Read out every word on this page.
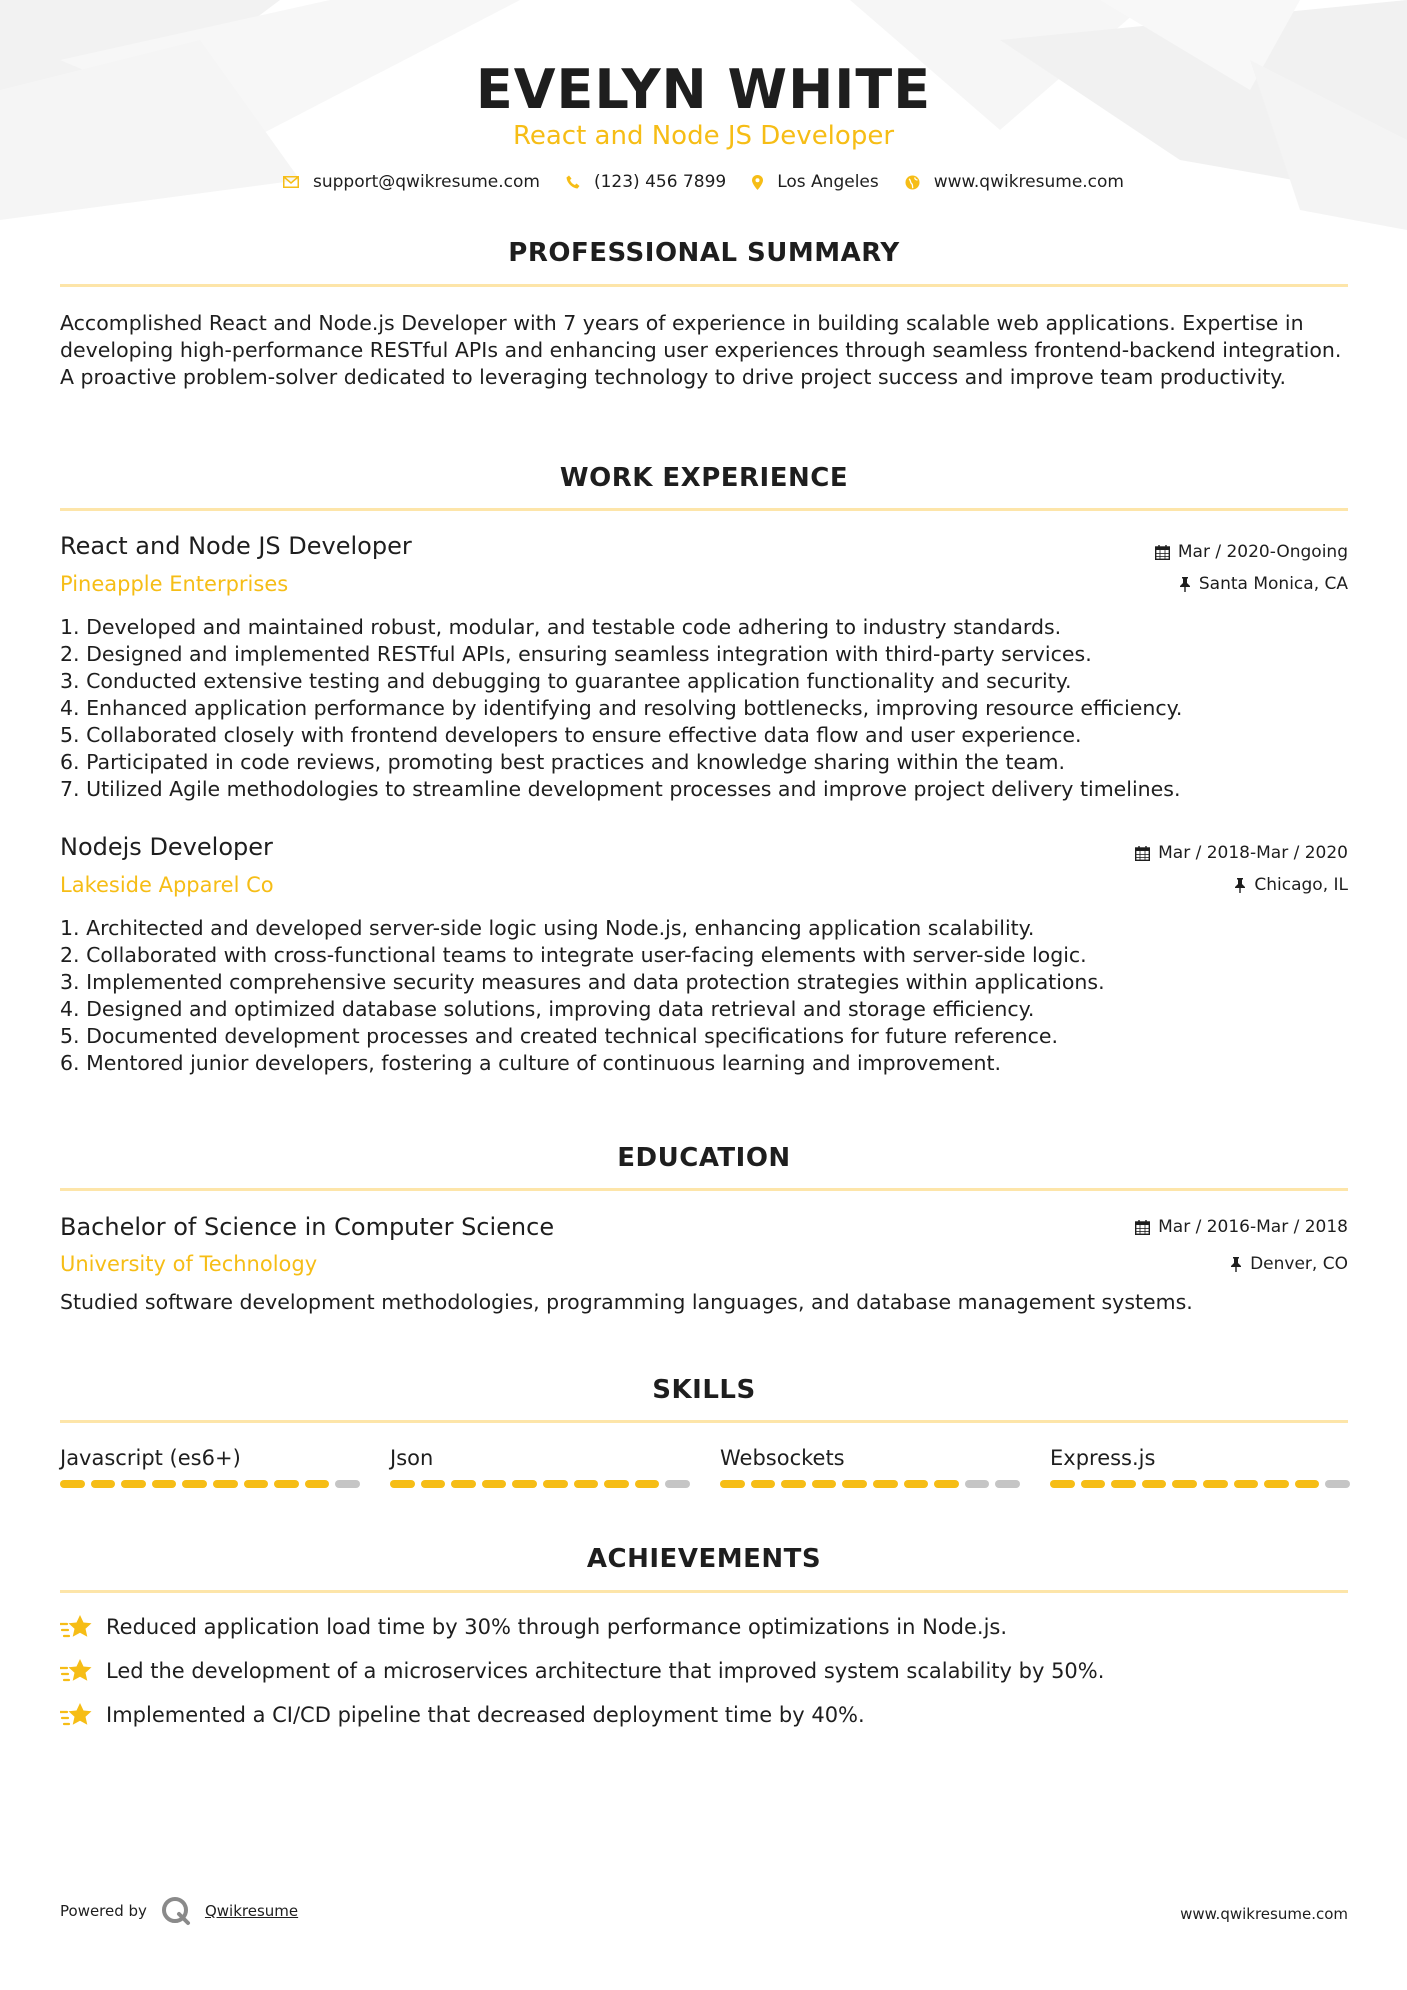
EVELYN WHITE
React and Node JS Developer
support@qwikresume.com	(123) 456 7899	Los Angeles	www.qwikresume.com
PROFESSIONAL SUMMARY
Accomplished React and Node.js Developer with 7 years of experience in building scalable web applications. Expertise in developing high-performance RESTful APIs and enhancing user experiences through seamless frontend-backend integration. A proactive problem-solver dedicated to leveraging technology to drive project success and improve team productivity.
WORK EXPERIENCE
React and Node JS Developer
Pineapple Enterprises
Mar / 2020-Ongoing
Santa Monica, CA
1. Developed and maintained robust, modular, and testable code adhering to industry standards.
2. Designed and implemented RESTful APIs, ensuring seamless integration with third-party services.
3. Conducted extensive testing and debugging to guarantee application functionality and security.
4. Enhanced application performance by identifying and resolving bottlenecks, improving resource efficiency.
5. Collaborated closely with frontend developers to ensure effective data flow and user experience.
6. Participated in code reviews, promoting best practices and knowledge sharing within the team.
7. Utilized Agile methodologies to streamline development processes and improve project delivery timelines.
Nodejs Developer
Lakeside Apparel Co
Mar / 2018-Mar / 2020
Chicago, IL
1. Architected and developed server-side logic using Node.js, enhancing application scalability.
2. Collaborated with cross-functional teams to integrate user-facing elements with server-side logic.
3. Implemented comprehensive security measures and data protection strategies within applications.
4. Designed and optimized database solutions, improving data retrieval and storage efficiency.
5. Documented development processes and created technical specifications for future reference.
6. Mentored junior developers, fostering a culture of continuous learning and improvement.
EDUCATION
Bachelor of Science in Computer Science
University of Technology
Mar / 2016-Mar / 2018
Denver, CO
Studied software development methodologies, programming languages, and database management systems.
SKILLS
Javascript (es6+)	Json	Websockets	Express.js
ACHIEVEMENTS
Reduced application load time by 30% through performance optimizations in Node.js.
Led the development of a microservices architecture that improved system scalability by 50%.
Implemented a CI/CD pipeline that decreased deployment time by 40%.
Powered by	Qwikresume	www.qwikresume.com
